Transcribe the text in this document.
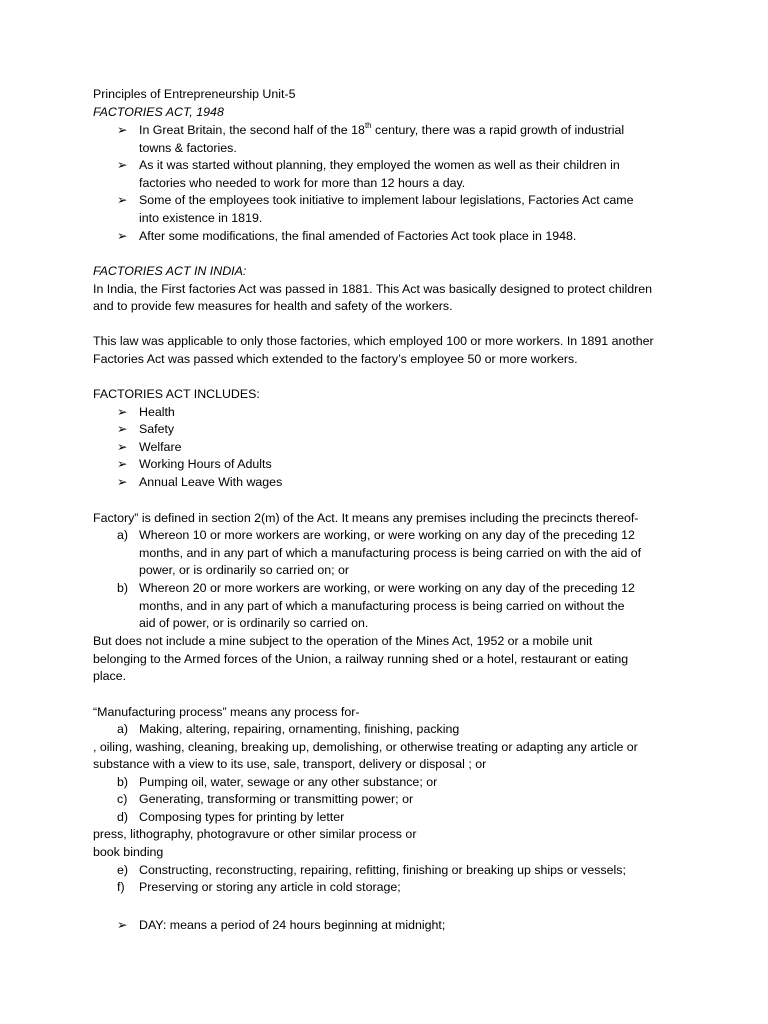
Principles of Entrepreneurship Unit-5
FACTORIES ACT, 1948
➢ In Great Britain, the second half of the 18th century, there was a rapid growth of industrial
towns & factories.
➢ As it was started without planning, they employed the women as well as their children in
factories who needed to work for more than 12 hours a day.
➢ Some of the employees took initiative to implement labour legislations, Factories Act came
into existence in 1819.
➢ After some modifications, the final amended of Factories Act took place in 1948.
FACTORIES ACT IN INDIA:
In India, the First factories Act was passed in 1881. This Act was basically designed to protect children
and to provide few measures for health and safety of the workers.
This law was applicable to only those factories, which employed 100 or more workers. In 1891 another
Factories Act was passed which extended to the factory’s employee 50 or more workers.
FACTORIES ACT INCLUDES:
➢ Health
➢ Safety
➢ Welfare
➢ Working Hours of Adults
➢ Annual Leave With wages
Factory” is defined in section 2(m) of the Act. It means any premises including the precincts thereof-
a) Whereon 10 or more workers are working, or were working on any day of the preceding 12
months, and in any part of which a manufacturing process is being carried on with the aid of
power, or is ordinarily so carried on; or
b) Whereon 20 or more workers are working, or were working on any day of the preceding 12
months, and in any part of which a manufacturing process is being carried on without the
aid of power, or is ordinarily so carried on.
But does not include a mine subject to the operation of the Mines Act, 1952 or a mobile unit
belonging to the Armed forces of the Union, a railway running shed or a hotel, restaurant or eating
place.
“Manufacturing process” means any process for-
a) Making, altering, repairing, ornamenting, finishing, packing
, oiling, washing, cleaning, breaking up, demolishing, or otherwise treating or adapting any article or
substance with a view to its use, sale, transport, delivery or disposal ; or
b) Pumping oil, water, sewage or any other substance; or
c) Generating, transforming or transmitting power; or
d) Composing types for printing by letter
press, lithography, photogravure or other similar process or
book binding
e) Constructing, reconstructing, repairing, refitting, finishing or breaking up ships or vessels;
f)	Preserving or storing any article in cold storage;
➢ DAY: means a period of 24 hours beginning at midnight;
